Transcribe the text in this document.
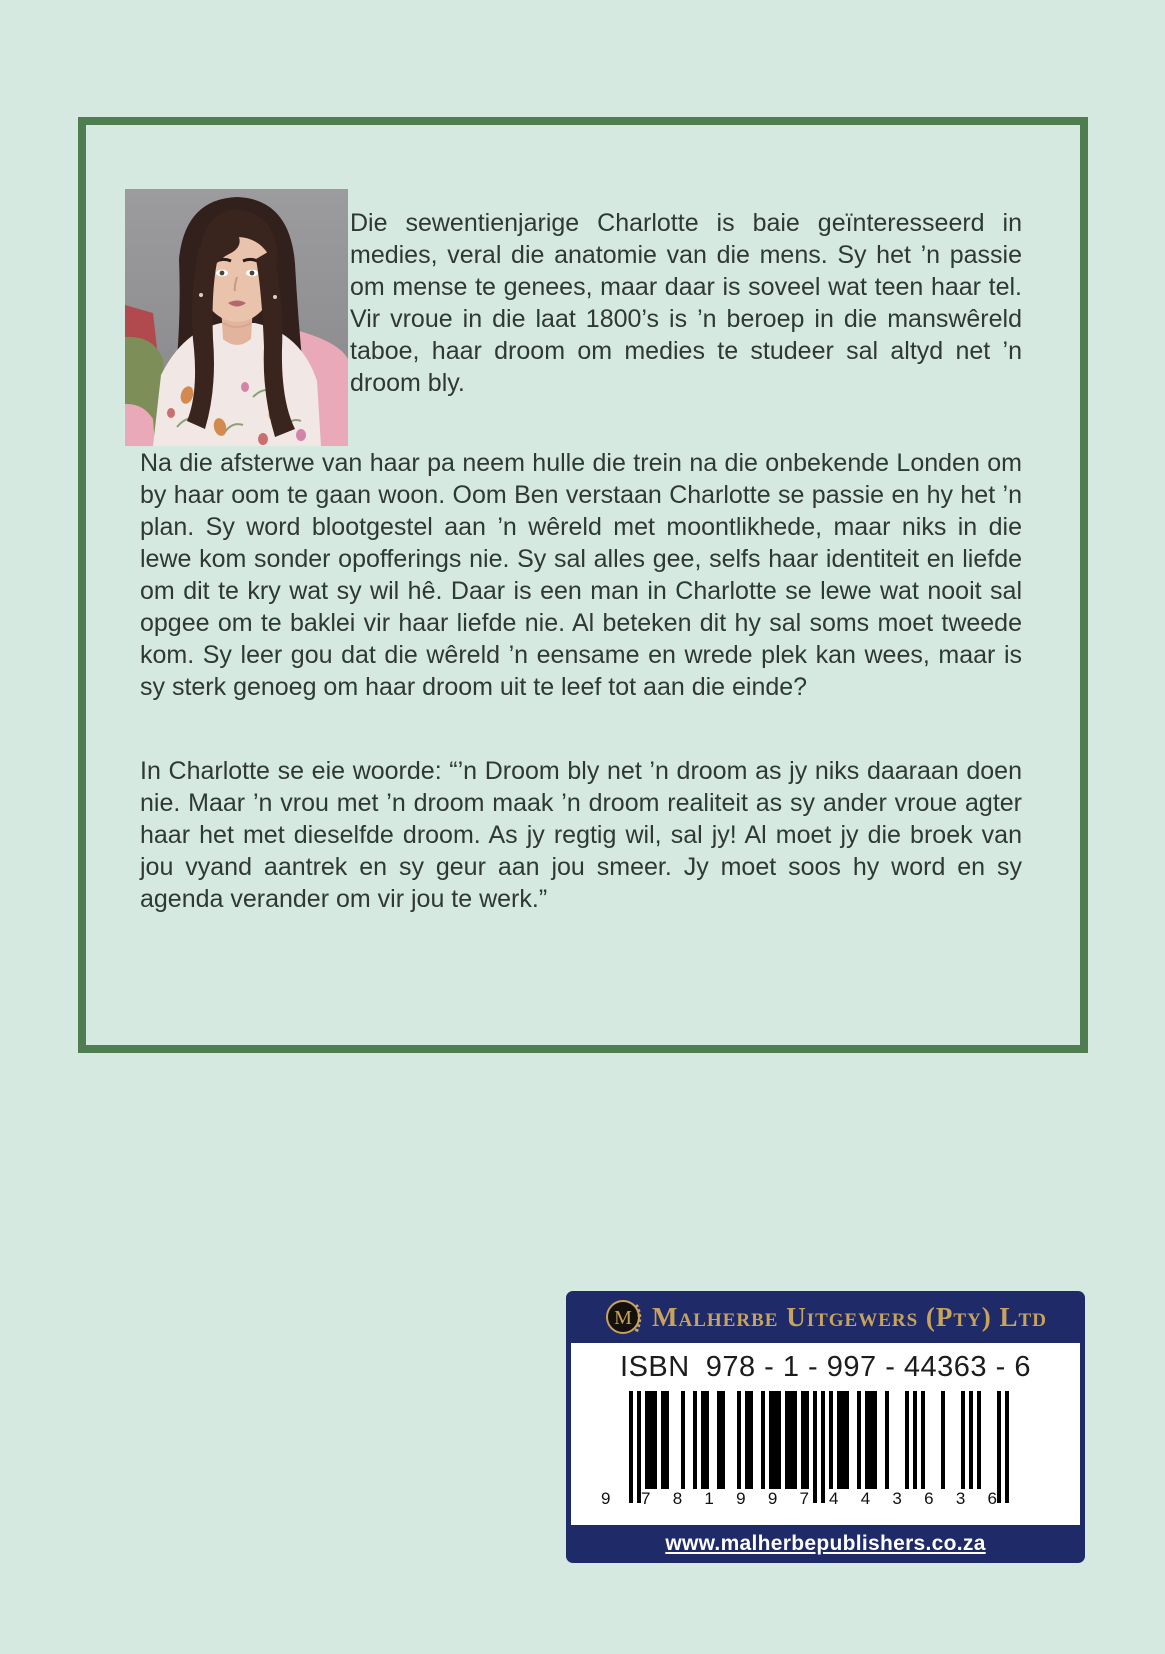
Die sewentienjarige Charlotte is baie geïnteresseerd in medies, veral die anatomie van die mens. Sy het ’n passie om mense te genees, maar daar is soveel wat teen haar tel. Vir vroue in die laat 1800’s is ’n beroep in die manswêreld taboe, haar droom om medies te studeer sal altyd net ’n droom bly.

Na die afsterwe van haar pa neem hulle die trein na die onbekende Londen om by haar oom te gaan woon. Oom Ben verstaan Charlotte se passie en hy het ’n plan. Sy word blootgestel aan ’n wêreld met moontlikhede, maar niks in die lewe kom sonder opofferings nie. Sy sal alles gee, selfs haar identiteit en liefde om dit te kry wat sy wil hê. Daar is een man in Charlotte se lewe wat nooit sal opgee om te baklei vir haar liefde nie. Al beteken dit hy sal soms moet tweede kom. Sy leer gou dat die wêreld ’n eensame en wrede plek kan wees, maar is sy sterk genoeg om haar droom uit te leef tot aan die einde?

In Charlotte se eie woorde: “’n Droom bly net ’n droom as jy niks daaraan doen nie. Maar ’n vrou met ’n droom maak ’n droom realiteit as sy ander vroue agter haar het met dieselfde droom. As jy regtig wil, sal jy! Al moet jy die broek van jou vyand aantrek en sy geur aan jou smeer. Jy moet soos hy word en sy agenda verander om vir jou te werk.”

M Malherbe Uitgewers (Pty) Ltd
ISBN 978 - 1 - 997 - 44363 - 6
9 7 8 1 9 9 7 4 4 3 6 3 6
www.malherbepublishers.co.za
